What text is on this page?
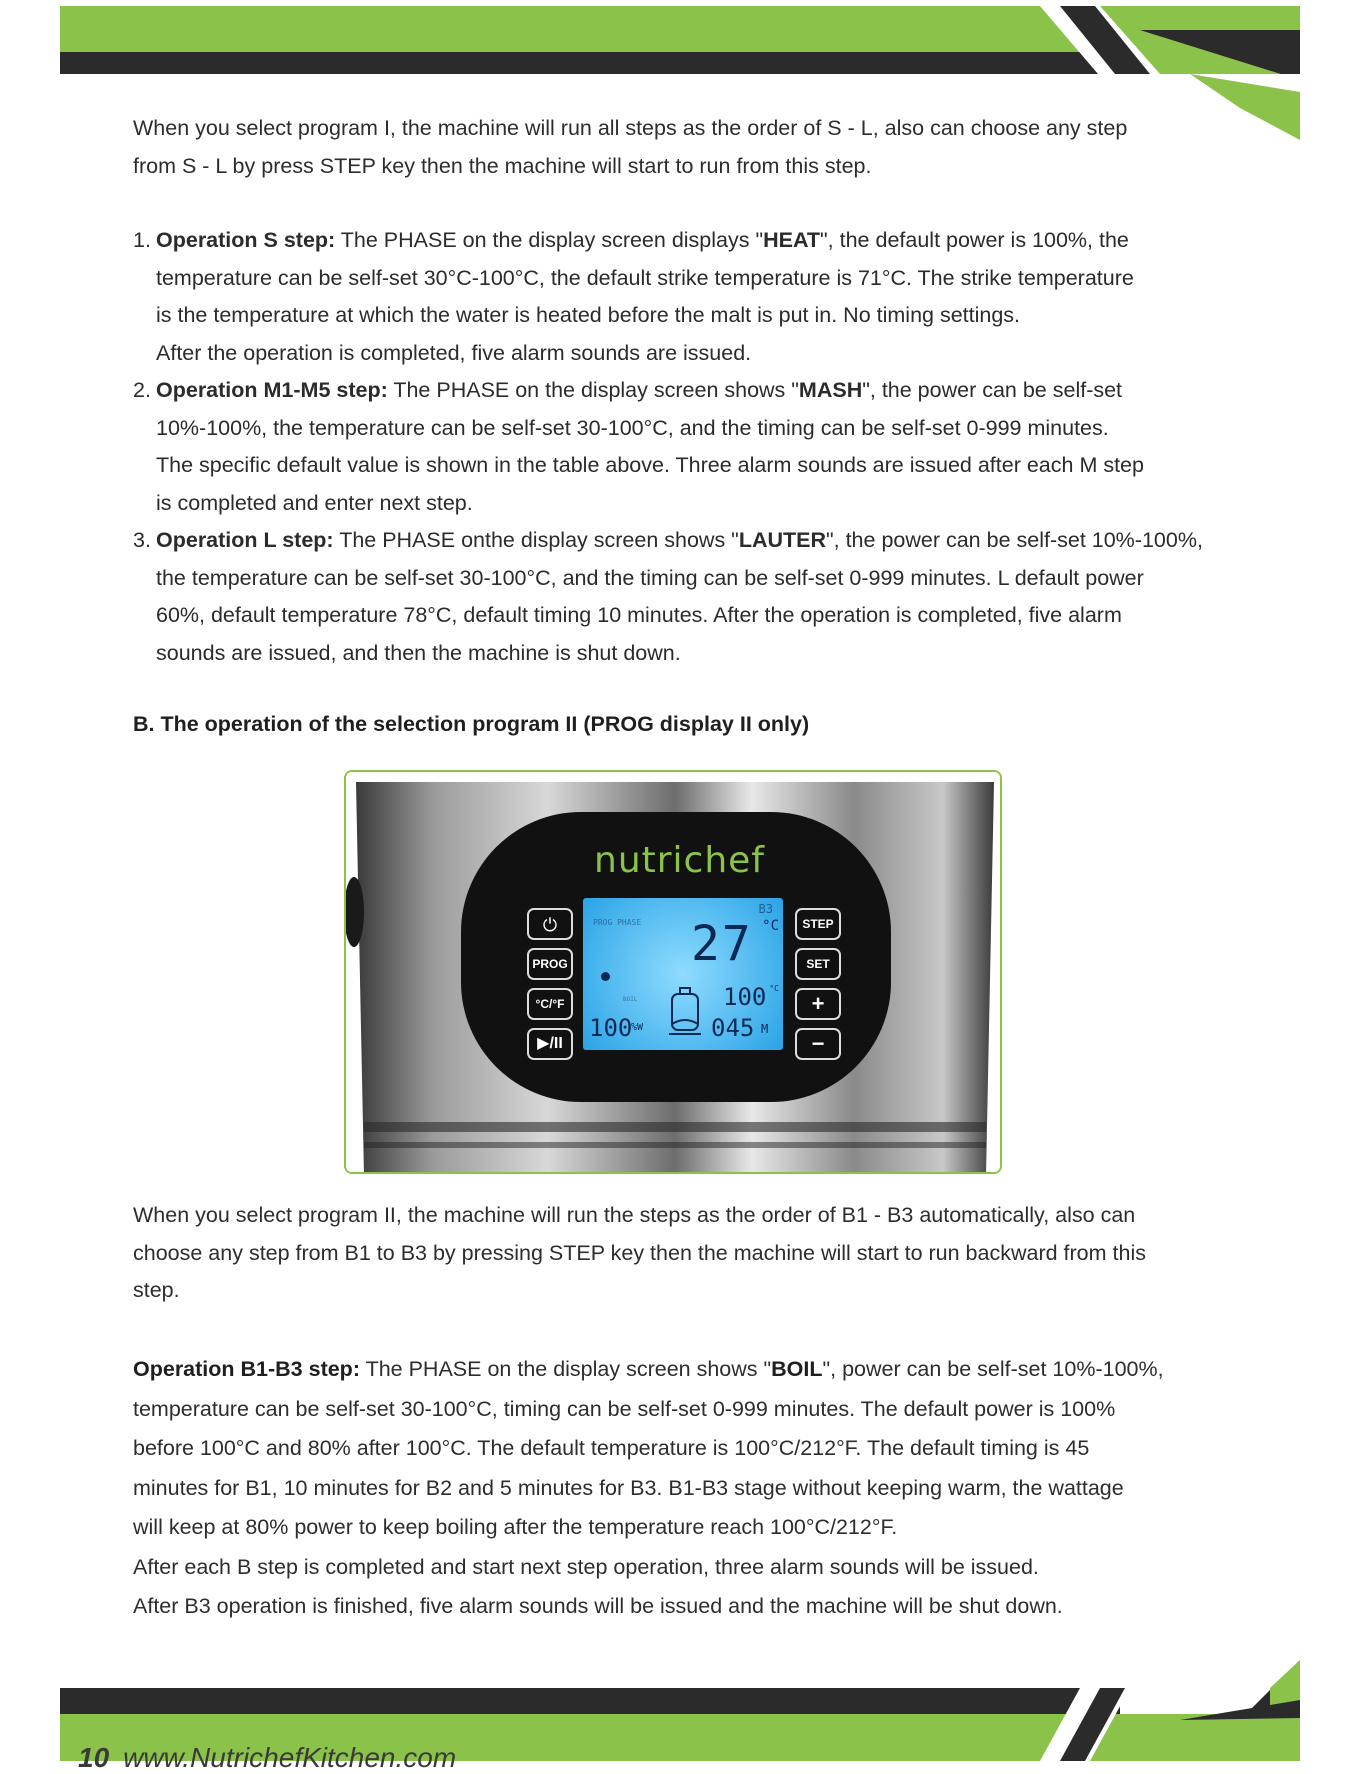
When you select program I, the machine will run all steps as the order of S - L, also can choose any step

from S - L by press STEP key then the machine will start to run from this step.

1. Operation S step: The PHASE on the display screen displays "HEAT", the default power is 100%, the
temperature can be self-set 30°C-100°C, the default strike temperature is 71°C. The strike temperature
is the temperature at which the water is heated before the malt is put in. No timing settings.
After the operation is completed, five alarm sounds are issued.
2. Operation M1-M5 step: The PHASE on the display screen shows "MASH", the power can be self-set
10%-100%, the temperature can be self-set 30-100°C, and the timing can be self-set 0-999 minutes.
The specific default value is shown in the table above. Three alarm sounds are issued after each M step
is completed and enter next step.
3. Operation L step: The PHASE onthe display screen shows "LAUTER", the power can be self-set 10%-100%,
the temperature can be self-set 30-100°C, and the timing can be self-set 0-999 minutes. L default power
60%, default temperature 78°C, default timing 10 minutes. After the operation is completed, five alarm
sounds are issued, and then the machine is shut down.
B. The operation of the selection program II (PROG display II only)
nutrichef
⏻
PROG
°C/°F
▶/II
STEP
SET
+
−
B3
PROG PHASE 27 °C
BOIL	100 °C
100
%W	045 M

When you select program II, the machine will run the steps as the order of B1 - B3 automatically, also can

choose any step from B1 to B3 by pressing STEP key then the machine will start to run backward from this

step.

Operation B1-B3 step: The PHASE on the display screen shows "BOIL", power can be self-set 10%-100%,

temperature can be self-set 30-100°C, timing can be self-set 0-999 minutes. The default power is 100%

before 100°C and 80% after 100°C. The default temperature is 100°C/212°F. The default timing is 45

minutes for B1, 10 minutes for B2 and 5 minutes for B3. B1-B3 stage without keeping warm, the wattage

will keep at 80% power to keep boiling after the temperature reach 100°C/212°F.

After each B step is completed and start next step operation, three alarm sounds will be issued.

After B3 operation is finished, five alarm sounds will be issued and the machine will be shut down.

10 www.NutrichefKitchen.com
